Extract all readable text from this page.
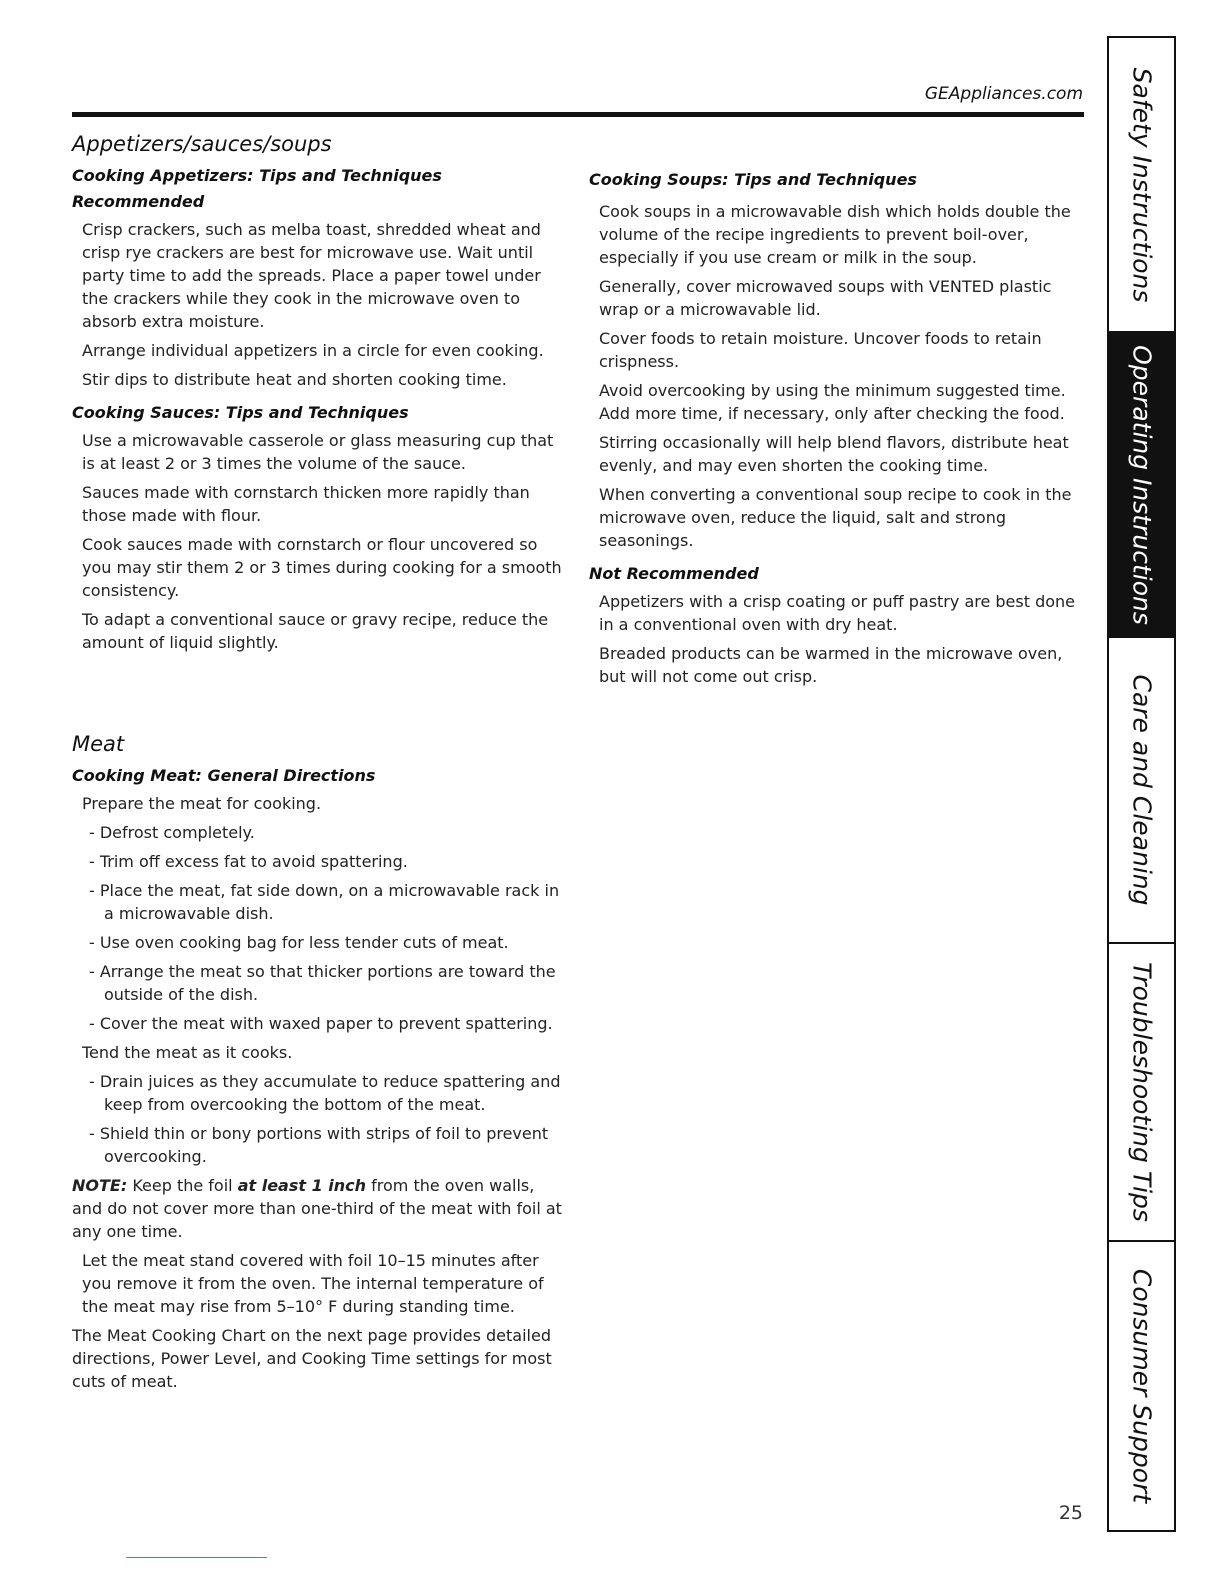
GEAppliances.com
Appetizers/sauces/soups
Cooking Appetizers: Tips and Techniques
Recommended

Crisp crackers, such as melba toast, shredded wheat and crisp rye crackers are best for microwave use. Wait until party time to add the spreads. Place a paper towel under the crackers while they cook in the microwave oven to absorb extra moisture.

Arrange individual appetizers in a circle for even cooking.

Stir dips to distribute heat and shorten cooking time.

Cooking Sauces: Tips and Techniques

Use a microwavable casserole or glass measuring cup that is at least 2 or 3 times the volume of the sauce.

Sauces made with cornstarch thicken more rapidly than those made with flour.

Cook sauces made with cornstarch or flour uncovered so you may stir them 2 or 3 times during cooking for a smooth consistency.

To adapt a conventional sauce or gravy recipe, reduce the amount of liquid slightly.

Meat
Cooking Meat: General Directions

Prepare the meat for cooking.

- Defrost completely.

- Trim off excess fat to avoid spattering.

- Place the meat, fat side down, on a microwavable rack in a microwavable dish.

- Use oven cooking bag for less tender cuts of meat.

- Arrange the meat so that thicker portions are toward the outside of the dish.

- Cover the meat with waxed paper to prevent spattering.

Tend the meat as it cooks.

- Drain juices as they accumulate to reduce spattering and keep from overcooking the bottom of the meat.

- Shield thin or bony portions with strips of foil to prevent overcooking.

NOTE: Keep the foil at least 1 inch from the oven walls, and do not cover more than one-third of the meat with foil at any one time.

Let the meat stand covered with foil 10–15 minutes after you remove it from the oven. The internal temperature of the meat may rise from 5–10° F during standing time.

The Meat Cooking Chart on the next page provides detailed directions, Power Level, and Cooking Time settings for most cuts of meat.

Cooking Soups: Tips and Techniques

Cook soups in a microwavable dish which holds double the volume of the recipe ingredients to prevent boil-over, especially if you use cream or milk in the soup.

Generally, cover microwaved soups with VENTED plastic wrap or a microwavable lid.

Cover foods to retain moisture. Uncover foods to retain crispness.

Avoid overcooking by using the minimum suggested time. Add more time, if necessary, only after checking the food.

Stirring occasionally will help blend flavors, distribute heat evenly, and may even shorten the cooking time.

When converting a conventional soup recipe to cook in the microwave oven, reduce the liquid, salt and strong seasonings.

Not Recommended

Appetizers with a crisp coating or puff pastry are best done in a conventional oven with dry heat.

Breaded products can be warmed in the microwave oven, but will not come out crisp.

Safety Instructions
Operating Instructions
Care and Cleaning
Troubleshooting Tips
Consumer Support
25
